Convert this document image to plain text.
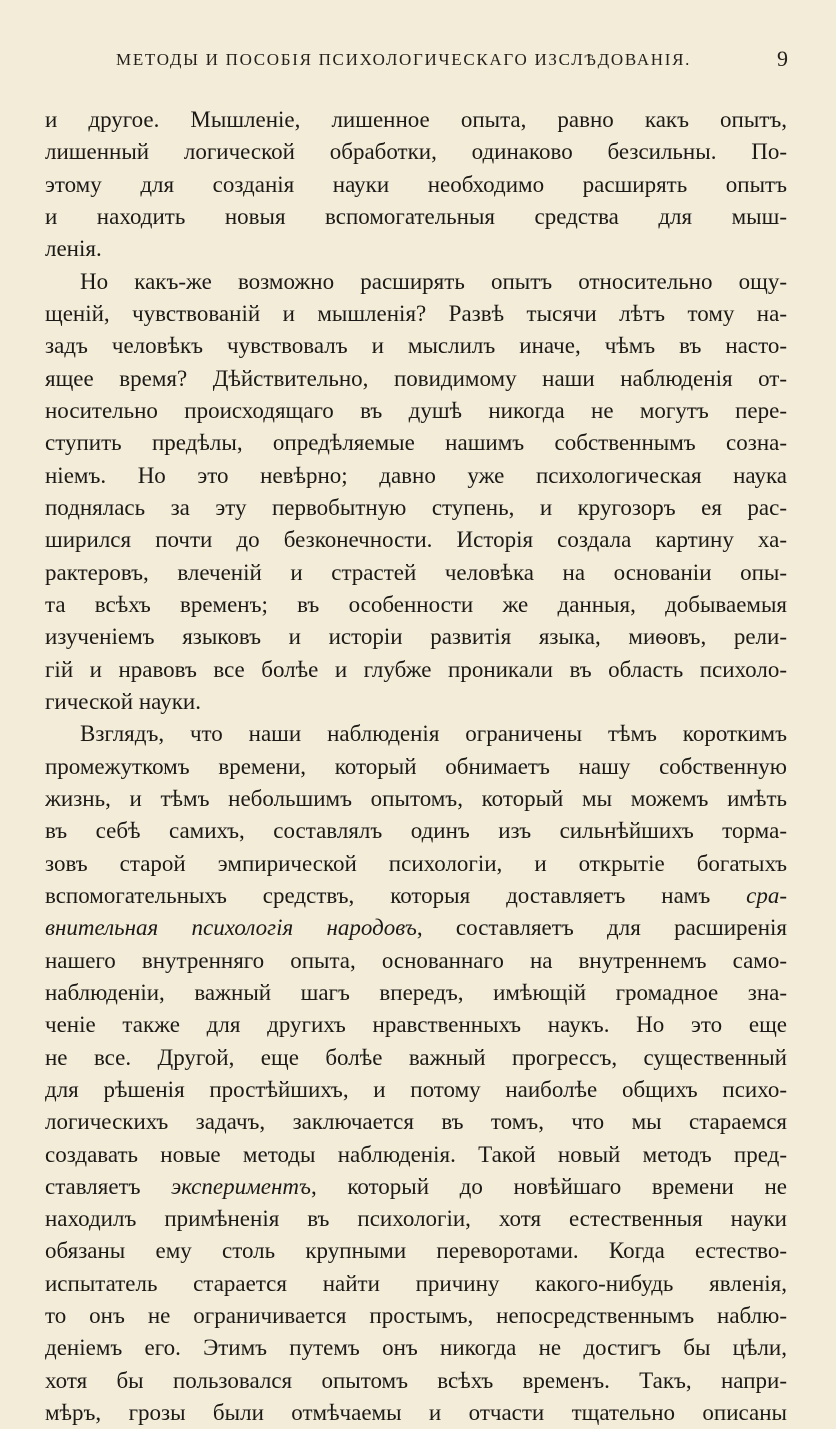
МЕТОДЫ И ПОСОБІЯ ПСИХОЛОГИЧЕСКАГО ИЗСЛѢДОВАНІЯ.	9
и другое. Мышленіе, лишенное опыта, равно какъ опытъ,
лишенный логической обработки, одинаково безсильны. По-
этому для созданія науки необходимо расширять опытъ
и находить новыя вспомогательныя средства для мыш-
ленія.
Но какъ-же возможно расширять опытъ относительно ощу-
щеній, чувствованій и мышленія? Развѣ тысячи лѣтъ тому на-
задъ человѣкъ чувствовалъ и мыслилъ иначе, чѣмъ въ насто-
ящее время? Дѣйствительно, повидимому наши наблюденія от-
носительно происходящаго въ душѣ никогда не могутъ пере-
ступить предѣлы, опредѣляемые нашимъ собственнымъ созна-
ніемъ. Но это невѣрно; давно уже психологическая наука
поднялась за эту первобытную ступень, и кругозоръ ея рас-
ширился почти до безконечности. Исторія создала картину ха-
рактеровъ, влеченій и страстей человѣка на основаніи опы-
та всѣхъ временъ; въ особенности же данныя, добываемыя
изученіемъ языковъ и исторіи развитія языка, миѳовъ, рели-
гій и нравовъ все болѣе и глубже проникали въ область психоло-
гической науки.
Взглядъ, что наши наблюденія ограничены тѣмъ короткимъ
промежуткомъ времени, который обнимаетъ нашу собственную
жизнь, и тѣмъ небольшимъ опытомъ, который мы можемъ имѣть
въ себѣ самихъ, составлялъ одинъ изъ сильнѣйшихъ тормa-
зовъ старой эмпирической психологіи, и открытіе богатыхъ
вспомогательныхъ средствъ, которыя доставляетъ намъ сра-
внительная психологія народовъ, составляетъ для расширенія
нашего внутренняго опыта, основаннаго на внутреннемъ само-
наблюденіи, важный шагъ впередъ, имѣющій громадное зна-
ченіе также для другихъ нравственныхъ наукъ. Но это еще
не все. Другой, еще болѣе важный прогрессъ, существенный
для рѣшенія простѣйшихъ, и потому наиболѣе общихъ психо-
логическихъ задачъ, заключается въ томъ, что мы стараемся
создавать новые методы наблюденія. Такой новый методъ пред-
ставляетъ экспериментъ, который до новѣйшаго времени не
находилъ примѣненія въ психологіи, хотя естественныя науки
обязаны ему столь крупными переворотами. Когда естество-
испытатель старается найти причину какого-нибудь явленія,
то онъ не ограничивается простымъ, непосредственнымъ наблю-
деніемъ его. Этимъ путемъ онъ никогда не достигъ бы цѣли,
хотя бы пользовался опытомъ всѣхъ временъ. Такъ, напри-
мѣръ, грозы были отмѣчаемы и отчасти тщательно описаны
